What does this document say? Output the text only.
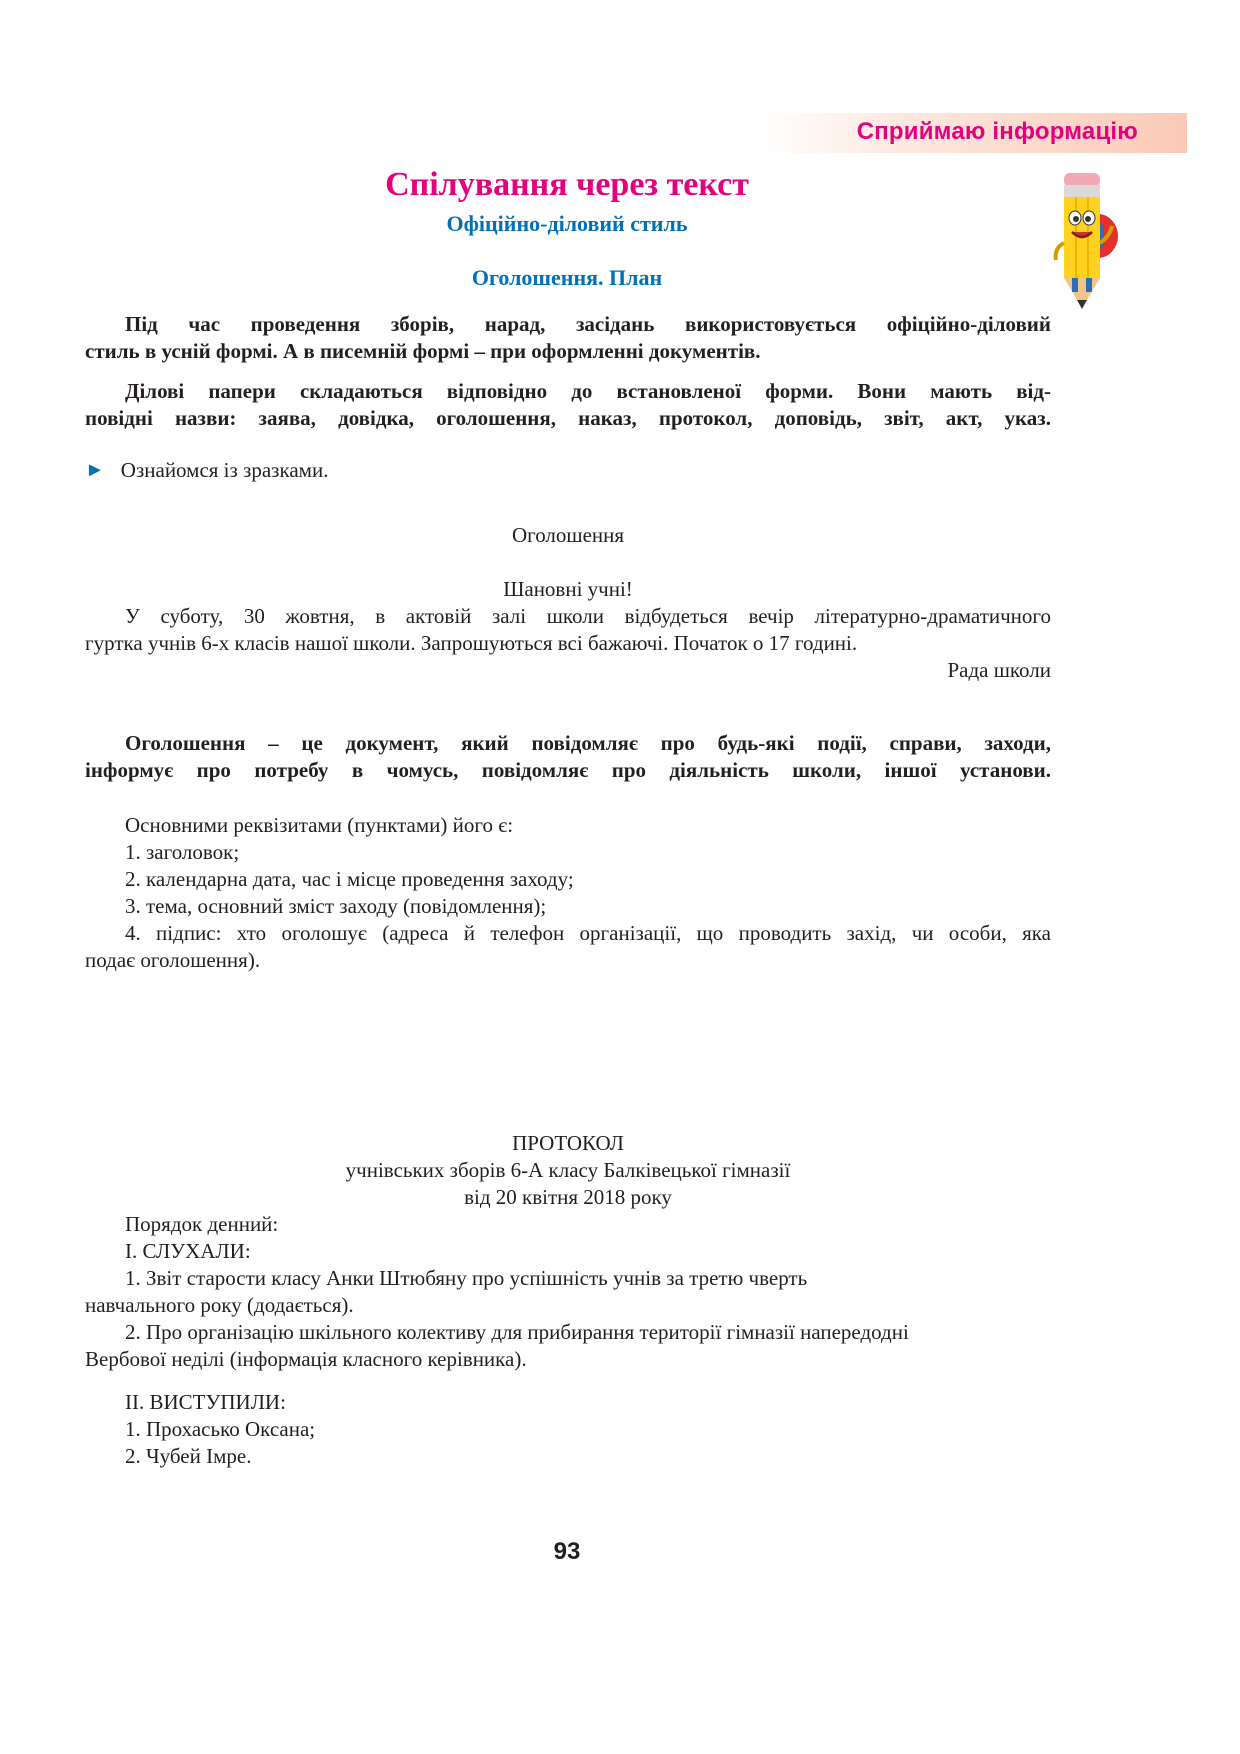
Сприймаю інформацію
Спілування через текст
Офіційно-діловий стиль
Оголошення. План
Під час проведення зборів, нарад, засідань використовується офіційно-діловий
стиль в усній формі. А в писемній формі – при оформленні документів.
Ділові папери складаються відповідно до встановленої форми. Вони мають від-
повідні назви: заява, довідка, оголошення, наказ, протокол, доповідь, звіт, акт, указ.
► Ознайомся із зразками.
Оголошення
Шановні учні!
У суботу, 30 жовтня, в актовій залі школи відбудеться вечір літературно-драматичного
гуртка учнів 6-х класів нашої школи. Запрошуються всі бажаючі. Початок о 17 годині.
Рада школи
Оголошення – це документ, який повідомляє про будь-які події, справи, заходи,
інформує про потребу в чомусь, повідомляє про діяльність школи, іншої установи.
Основними реквізитами (пунктами) його є:
1. заголовок;
2. календарна дата, час і місце проведення заходу;
3. тема, основний зміст заходу (повідомлення);
4. підпис: хто оголошує (адреса й телефон організації, що проводить захід, чи особи, яка
подає оголошення).
ПРОТОКОЛ
учнівських зборів 6-А класу Балківецької гімназії
від 20 квітня 2018 року
Порядок денний:
І. СЛУХАЛИ:
1. Звіт старости класу Анки Штюбяну про успішність учнів за третю чверть
навчального року (додається).
2. Про організацію шкільного колективу для прибирання території гімназії напередодні
Вербової неділі (інформація класного керівника).
ІІ. ВИСТУПИЛИ:
1. Прохасько Оксана;
2. Чубей Імре.
93
